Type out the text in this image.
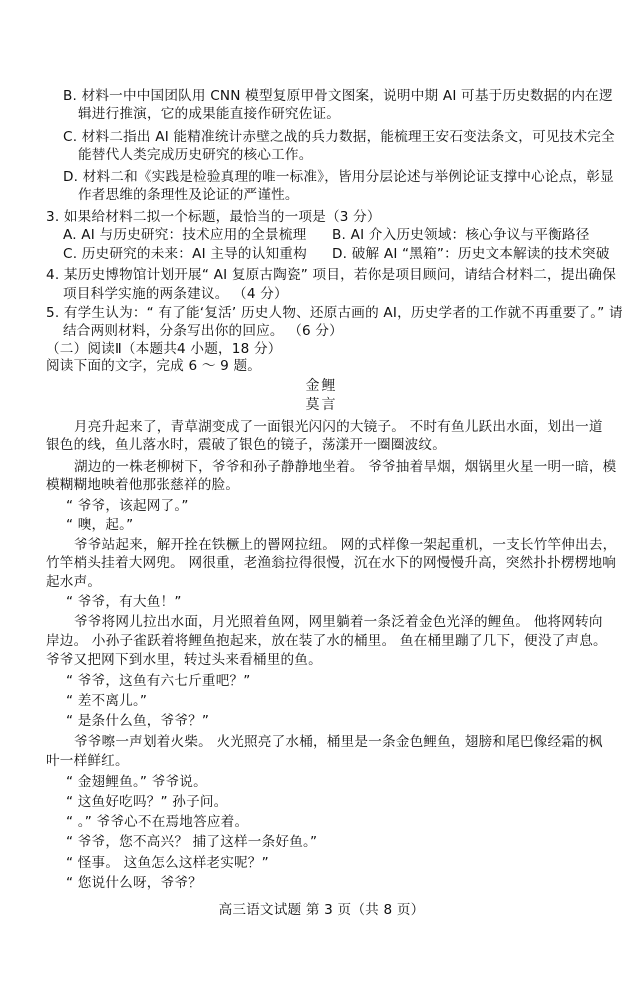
B. 材料一中中国团队用 CNN 模型复原甲骨文图案，说明中期 AI 可基于历史数据的内在逻
辑进行推演，它的成果能直接作研究佐证。
C. 材料二指出 AI 能精准统计赤壁之战的兵力数据，能梳理王安石变法条文，可见技术完全
能替代人类完成历史研究的核心工作。
D. 材料二和《实践是检验真理的唯一标准》，皆用分层论述与举例论证支撑中心论点，彰显
作者思维的条理性及论证的严谨性。
3. 如果给材料二拟一个标题，最恰当的一项是（3 分）
A. AI 与历史研究：技术应用的全景梳理 B. AI 介入历史领域：核心争议与平衡路径
C. 历史研究的未来：AI 主导的认知重构 D. 破解 AI “黑箱”：历史文本解读的技术突破
4. 某历史博物馆计划开展“ AI 复原古陶瓷” 项目，若你是项目顾问，请结合材料二，提出确保
项目科学实施的两条建议。 （4 分）
5. 有学生认为：“ 有了能‘复活’ 历史人物、还原古画的 AI，历史学者的工作就不再重要了。” 请
结合两则材料，分条写出你的回应。 （6 分）
（二）阅读Ⅱ（本题共4 小题，18 分）
阅读下面的文字，完成 6 ～ 9 题。
金鲤
莫言
月亮升起来了，青草湖变成了一面银光闪闪的大镜子。 不时有鱼儿跃出水面，划出一道
银色的线，鱼儿落水时，震破了银色的镜子，荡漾开一圈圈波纹。
湖边的一株老柳树下，爷爷和孙子静静地坐着。 爷爷抽着旱烟，烟锅里火星一明一暗，模
模糊糊地映着他那张慈祥的脸。
“ 爷爷，该起网了。”
“ 噢，起。”
爷爷站起来，解开拴在铁橛上的罾网拉纽。 网的式样像一架起重机，一支长竹竿伸出去，
竹竿梢头挂着大网兜。 网很重，老渔翁拉得很慢，沉在水下的网慢慢升高，突然扑扑楞楞地响
起水声。
“ 爷爷，有大鱼！”
爷爷将网儿拉出水面，月光照着鱼网，网里躺着一条泛着金色光泽的鲤鱼。 他将网转向
岸边。 小孙子雀跃着将鲤鱼抱起来，放在装了水的桶里。 鱼在桶里蹦了几下，便没了声息。
爷爷又把网下到水里，转过头来看桶里的鱼。
“ 爷爷，这鱼有六七斤重吧？”
“ 差不离儿。”
“ 是条什么鱼，爷爷？”
爷爷嚓一声划着火柴。 火光照亮了水桶，桶里是一条金色鲤鱼，翅膀和尾巴像经霜的枫
叶一样鲜红。
“ 金翅鲤鱼。” 爷爷说。
“ 这鱼好吃吗？” 孙子问。
“ 。” 爷爷心不在焉地答应着。
“ 爷爷，您不高兴？ 捕了这样一条好鱼。”
“ 怪事。 这鱼怎么这样老实呢？”
“ 您说什么呀，爷爷？
高三语文试题 第 3 页（共 8 页）
